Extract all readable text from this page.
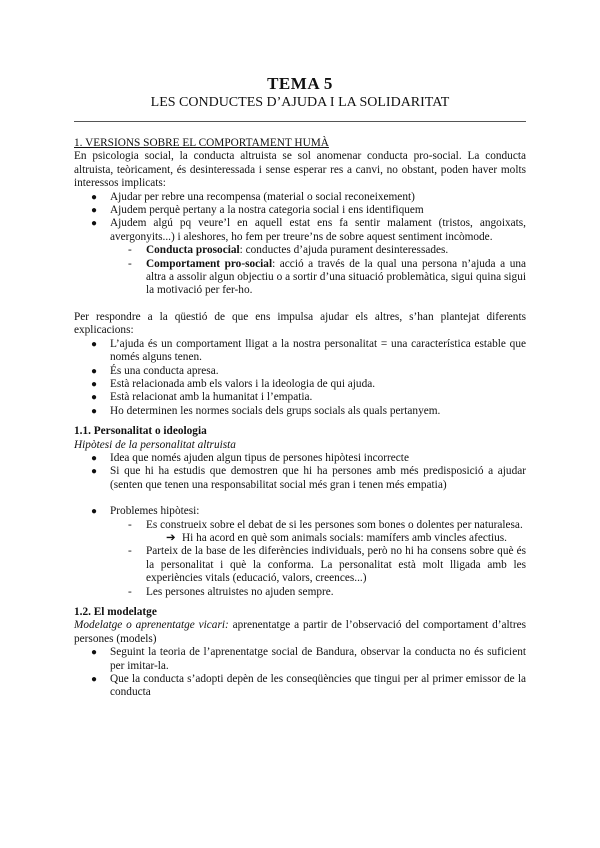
TEMA 5
LES CONDUCTES D’AJUDA I LA SOLIDARITAT
1. VERSIONS SOBRE EL COMPORTAMENT HUMÀ

En psicologia social, la conducta altruista se sol anomenar conducta pro-social. La conducta altruista, teòricament, és desinteressada i sense esperar res a canvi, no obstant, poden haver molts interessos implicats:

● Ajudar per rebre una recompensa (material o social reconeixement)
● Ajudem perquè pertany a la nostra categoria social i ens identifiquem
● Ajudem algú pq veure’l en aquell estat ens fa sentir malament (tristos, angoixats, avergonyits...) i aleshores, ho fem per treure’ns de sobre aquest sentiment incòmode.
- Conducta prosocial: conductes d’ajuda purament desinteressades.
- Comportament pro-social: acció a través de la qual una persona n’ajuda a una altra a assolir algun objectiu o a sortir d’una situació problemàtica, sigui quina sigui la motivació per fer-ho.

Per respondre a la qüestió de que ens impulsa ajudar els altres, s’han plantejat diferents explicacions:

● L’ajuda és un comportament lligat a la nostra personalitat = una característica estable que només alguns tenen.
● És una conducta apresa.
● Està relacionada amb els valors i la ideologia de qui ajuda.
● Està relacionat amb la humanitat i l’empatia.
● Ho determinen les normes socials dels grups socials als quals pertanyem.
1.1. Personalitat o ideologia
Hipòtesi de la personalitat altruista
● Idea que només ajuden algun tipus de persones hipòtesi incorrecte
● Si que hi ha estudis que demostren que hi ha persones amb més predisposició a ajudar (senten que tenen una responsabilitat social més gran i tenen més empatia)
● Problemes hipòtesi:
- Es construeix sobre el debat de si les persones som bones o dolentes per naturalesa.
➔ Hi ha acord en què som animals socials: mamífers amb vincles afectius.
- Parteix de la base de les diferències individuals, però no hi ha consens sobre què és la personalitat i què la conforma. La personalitat està molt lligada amb les experiències vitals (educació, valors, creences...)
- Les persones altruistes no ajuden sempre.
1.2. El modelatge

Modelatge o aprenentatge vicari: aprenentatge a partir de l’observació del comportament d’altres persones (models)

● Seguint la teoria de l’aprenentatge social de Bandura, observar la conducta no és suficient per imitar-la.
● Que la conducta s’adopti depèn de les conseqüències que tingui per al primer emissor de la conducta
